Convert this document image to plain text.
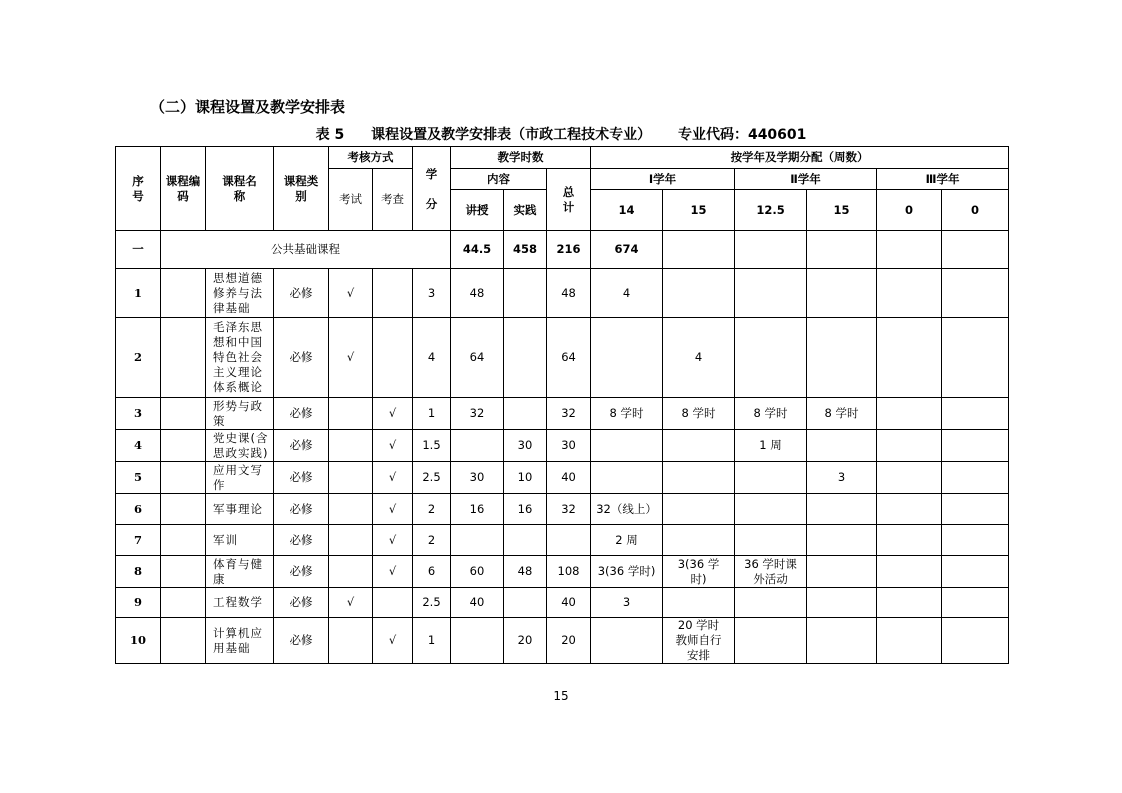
（二）课程设置及教学安排表
表 5 课程设置及教学安排表（市政工程技术专业） 专业代码：440601
序号	课程编码	课程名称	课程类别	考核方式		学分	教学时数			按学年及学期分配（周数）						
				考试	考查		内容		总计	Ⅰ学年		Ⅱ学年		Ⅲ学年		
							讲授	实践		14	15	12.5	15	0	0	
一	公共基础课程						44.5	458	216	674						
1		思想道德修养与法律基础	必修	√		3	48		48	4						
2		毛泽东思想和中国特色社会主义理论体系概论	必修	√		4	64		64		4					
3		形势与政策	必修		√	1	32		32	8 学时	8 学时	8 学时	8 学时			
4		党史课(含思政实践)	必修		√	1.5		30	30			1 周				
5		应用文写作	必修		√	2.5	30	10	40				3			
6		军事理论	必修		√	2	16	16	32	32（线上）						
7		军训	必修		√	2				2 周						
8		体育与健康	必修		√	6	60	48	108	3(36 学时)	3(36 学时)	36 学时课外活动				
9		工程数学	必修	√		2.5	40		40	3						
10		计算机应用基础	必修		√	1		20	20		20 学时教师自行安排					
15
